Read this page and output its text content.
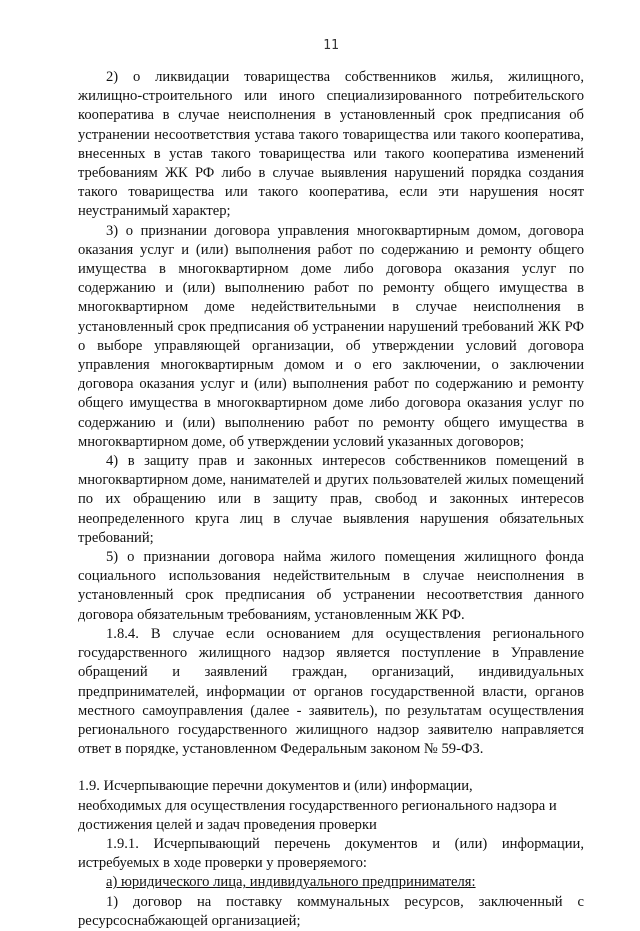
11

2) о ликвидации товарищества собственников жилья, жилищного, жилищно-строительного или иного специализированного потребительского кооператива в случае неисполнения в установленный срок предписания об устранении несоответствия устава такого товарищества или такого кооператива, внесенных в устав такого товарищества или такого кооператива изменений требованиям ЖК РФ либо в случае выявления нарушений порядка создания такого товарищества или такого кооператива, если эти нарушения носят неустранимый характер;

3) о признании договора управления многоквартирным домом, договора оказания услуг и (или) выполнения работ по содержанию и ремонту общего имущества в многоквартирном доме либо договора оказания услуг по содержанию и (или) выполнению работ по ремонту общего имущества в многоквартирном доме недействительными в случае неисполнения в установленный срок предписания об устранении нарушений требований ЖК РФ о выборе управляющей организации, об утверждении условий договора управления многоквартирным домом и о его заключении, о заключении договора оказания услуг и (или) выполнения работ по содержанию и ремонту общего имущества в многоквартирном доме либо договора оказания услуг по содержанию и (или) выполнению работ по ремонту общего имущества в многоквартирном доме, об утверждении условий указанных договоров;

4) в защиту прав и законных интересов собственников помещений в многоквартирном доме, нанимателей и других пользователей жилых помещений по их обращению или в защиту прав, свобод и законных интересов неопределенного круга лиц в случае выявления нарушения обязательных требований;

5) о признании договора найма жилого помещения жилищного фонда социального использования недействительным в случае неисполнения в установленный срок предписания об устранении несоответствия данного договора обязательным требованиям, установленным ЖК РФ.

1.8.4. В случае если основанием для осуществления регионального государственного жилищного надзор является поступление в Управление обращений и заявлений граждан, организаций, индивидуальных предпринимателей, информации от органов государственной власти, органов местного самоуправления (далее - заявитель), по результатам осуществления регионального государственного жилищного надзор заявителю направляется ответ в порядке, установленном Федеральным законом № 59-ФЗ.

1.9. Исчерпывающие перечни документов и (или) информации,
необходимых для осуществления государственного регионального надзора и
достижения целей и задач проведения проверки

1.9.1. Исчерпывающий перечень документов и (или) информации, истребуемых в ходе проверки у проверяемого:

а) юридического лица, индивидуального предпринимателя:

1) договор на поставку коммунальных ресурсов, заключенный с ресурсоснабжающей организацией;
